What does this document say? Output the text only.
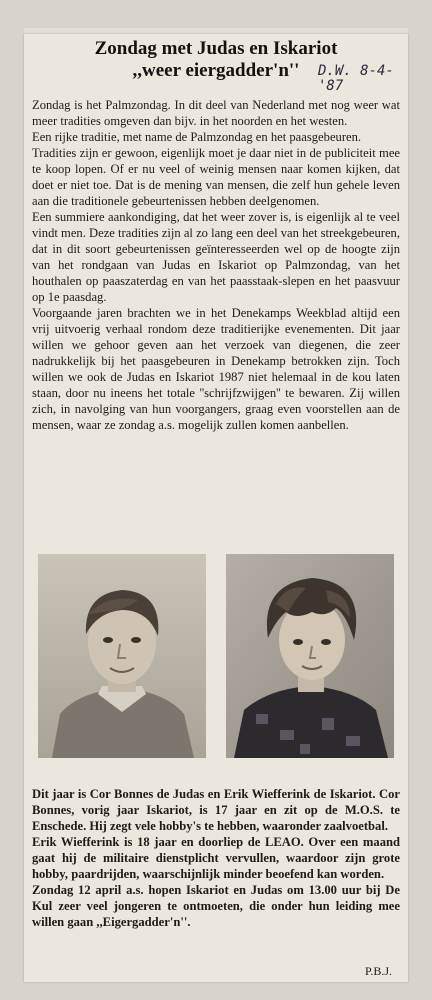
Zondag met Judas en Iskariot
,,weer eiergadder'n''	D.W. 8-4-'87

Zondag is het Palmzondag. In dit deel van Nederland met nog weer wat meer tradities omgeven dan bijv. in het noorden en het westen.

Een rijke traditie, met name de Palmzondag en het paasgebeuren.

Tradities zijn er gewoon, eigenlijk moet je daar niet in de publiciteit mee te koop lopen. Of er nu veel of weinig mensen naar komen kijken, dat doet er niet toe. Dat is de mening van mensen, die zelf hun gehele leven aan die traditionele gebeurtenissen hebben deelgenomen.

Een summiere aankondiging, dat het weer zover is, is eigenlijk al te veel vindt men. Deze tradities zijn al zo lang een deel van het streekgebeuren, dat in dit soort gebeurtenissen geïnteresseerden wel op de hoogte zijn van het rondgaan van Judas en Iskariot op Palmzondag, van het houthalen op paaszaterdag en van het paasstaak-slepen en het paasvuur op 1e paasdag.

Voorgaande jaren brachten we in het Denekamps Weekblad altijd een vrij uitvoerig verhaal rondom deze traditierijke evenementen. Dit jaar willen we gehoor geven aan het verzoek van diegenen, die zeer nadrukkelijk bij het paasgebeuren in Denekamp betrokken zijn. Toch willen we ook de Judas en Iskariot 1987 niet helemaal in de kou laten staan, door nu ineens het totale ''schrijfzwijgen'' te bewaren. Zij willen zich, in navolging van hun voorgangers, graag even voorstellen aan de mensen, waar ze zondag a.s. mogelijk zullen komen aanbellen.

Dit jaar is Cor Bonnes de Judas en Erik Wiefferink de Iskariot. Cor Bonnes, vorig jaar Iskariot, is 17 jaar en zit op de M.O.S. te Enschede. Hij zegt vele hobby's te hebben, waaronder zaalvoetbal.

Erik Wiefferink is 18 jaar en doorliep de LEAO. Over een maand gaat hij de militaire dienstplicht vervullen, waardoor zijn grote hobby, paardrijden, waarschijnlijk minder beoefend kan worden.

Zondag 12 april a.s. hopen Iskariot en Judas om 13.00 uur bij De Kul zeer veel jongeren te ontmoeten, die onder hun leiding mee willen gaan ,,Eigergadder'n''.

P.B.J.
